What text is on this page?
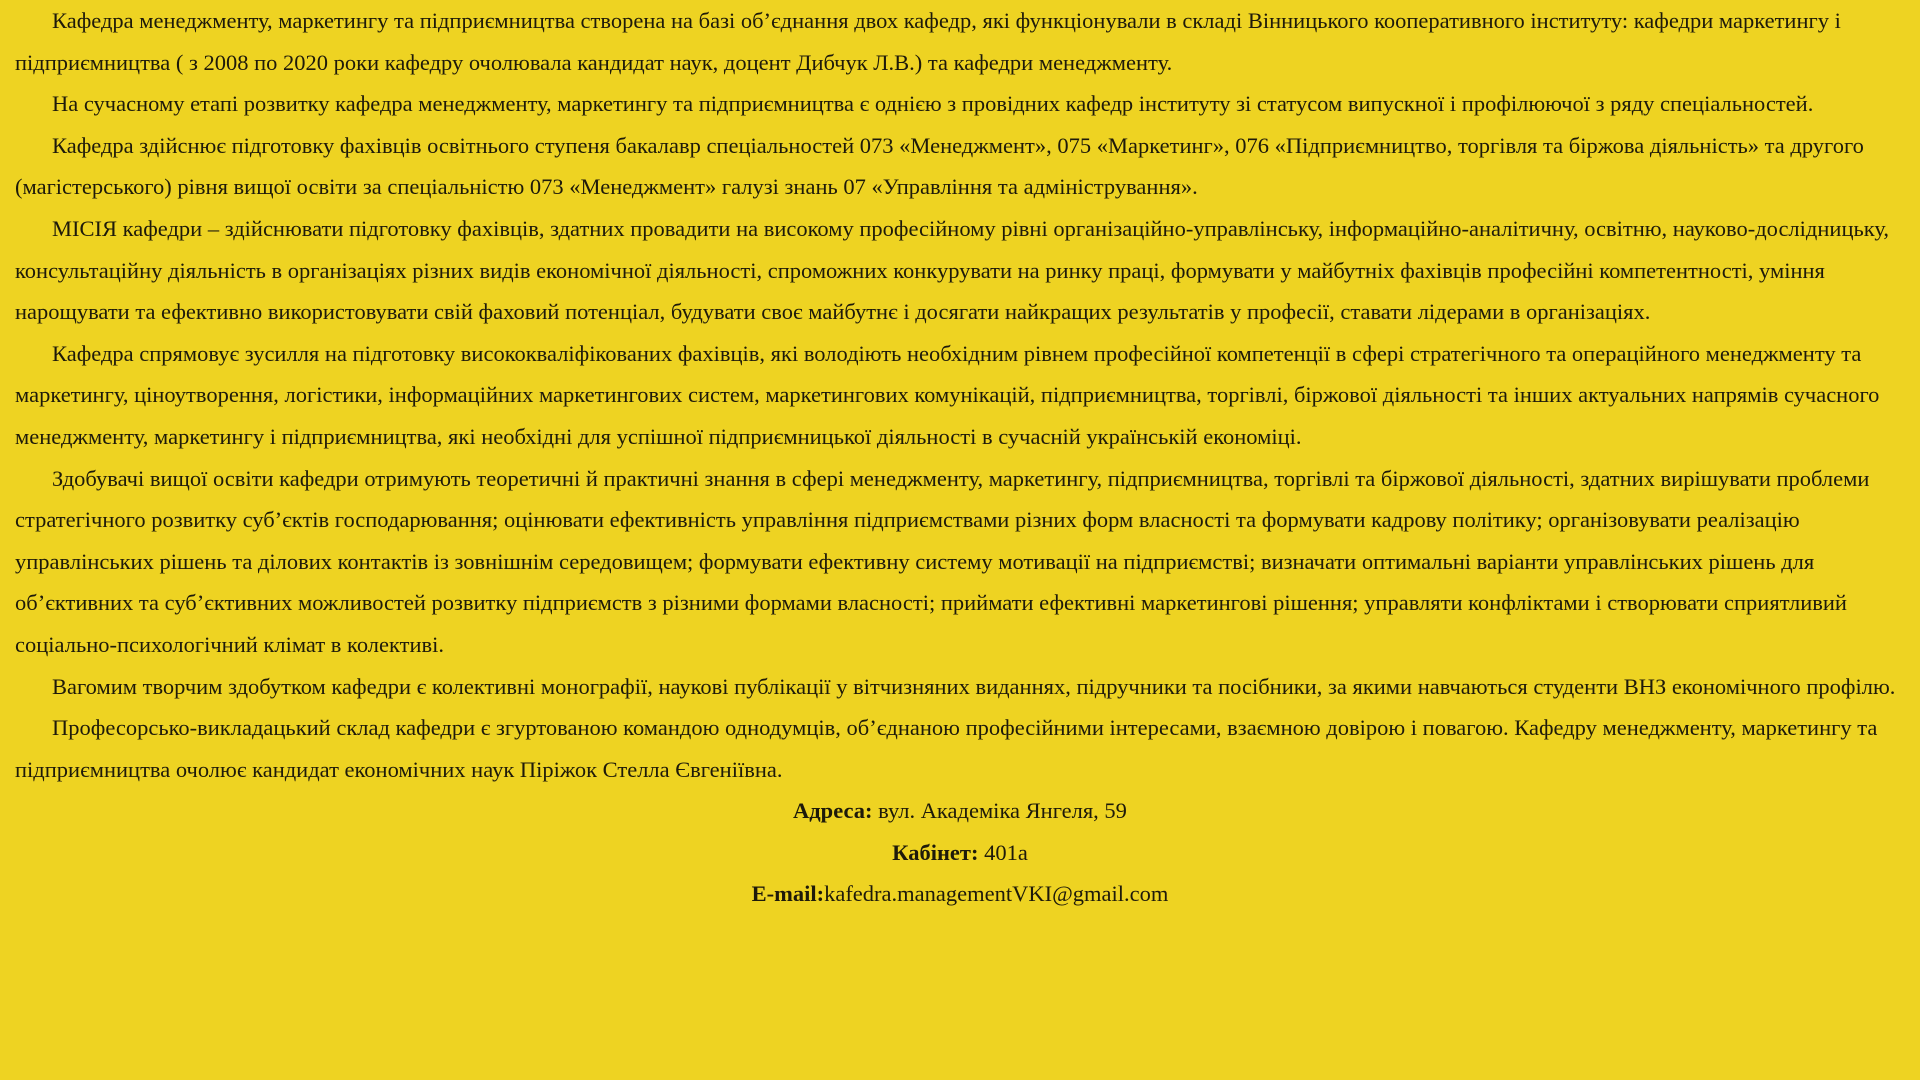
Кафедра менеджменту, маркетингу та підприємництва створена на базі об’єднання двох кафедр, які функціонували в складі Вінницького кооперативного інституту: кафедри маркетингу і підприємництва ( з 2008 по 2020 роки кафедру очолювала кандидат наук, доцент Дибчук Л.В.) та кафедри менеджменту.

На сучасному етапі розвитку кафедра менеджменту, маркетингу та підприємництва є однією з провідних кафедр інституту зі статусом випускної і профілюючої з ряду спеціальностей.

Кафедра здійснює підготовку фахівців освітнього ступеня бакалавр спеціальностей 073 «Менеджмент», 075 «Маркетинг», 076 «Підприємництво, торгівля та біржова діяльність» та другого (магістерського) рівня вищої освіти за спеціальністю 073 «Менеджмент» галузі знань 07 «Управління та адміністрування».

МІСІЯ кафедри – здійснювати підготовку фахівців, здатних провадити на високому професійному рівні організаційно-управлінську, інформаційно-аналітичну, освітню, науково-дослідницьку, консультаційну діяльність в організаціях різних видів економічної діяльності, спроможних конкурувати на ринку праці, формувати у майбутніх фахівців професійні компетентності, уміння нарощувати та ефективно використовувати свій фаховий потенціал, будувати своє майбутнє і досягати найкращих результатів у професії, ставати лідерами в організаціях.

Кафедра спрямовує зусилля на підготовку висококваліфікованих фахівців, які володіють необхідним рівнем професійної компетенції в сфері стратегічного та операційного менеджменту та маркетингу, ціноутворення, логістики, інформаційних маркетингових систем, маркетингових комунікацій, підприємництва, торгівлі, біржової діяльності та інших актуальних напрямів сучасного менеджменту, маркетингу і підприємництва, які необхідні для успішної підприємницької діяльності в сучасній українській економіці.

Здобувачі вищої освіти кафедри отримують теоретичні й практичні знання в сфері менеджменту, маркетингу, підприємництва, торгівлі та біржової діяльності, здатних вирішувати проблеми стратегічного розвитку суб’єктів господарювання; оцінювати ефективність управління підприємствами різних форм власності та формувати кадрову політику; організовувати реалізацію управлінських рішень та ділових контактів із зовнішнім середовищем; формувати ефективну систему мотивації на підприємстві; визначати оптимальні варіанти управлінських рішень для об’єктивних та суб’єктивних можливостей розвитку підприємств з різними формами власності; приймати ефективні маркетингові рішення; управляти конфліктами і створювати сприятливий соціально-психологічний клімат в колективі.

Вагомим творчим здобутком кафедри є колективні монографії, наукові публікації у вітчизняних виданнях, підручники та посібники, за якими навчаються студенти ВНЗ економічного профілю.

Професорсько-викладацький склад кафедри є згуртованою командою однодумців, об’єднаною професійними інтересами, взаємною довірою і повагою. Кафедру менеджменту, маркетингу та підприємництва очолює кандидат економічних наук Піріжок Стелла Євгеніївна.

Адреса: вул. Академіка Янгеля, 59

Кабінет: 401а

E-mail:kafedra.managementVKI@gmail.com
